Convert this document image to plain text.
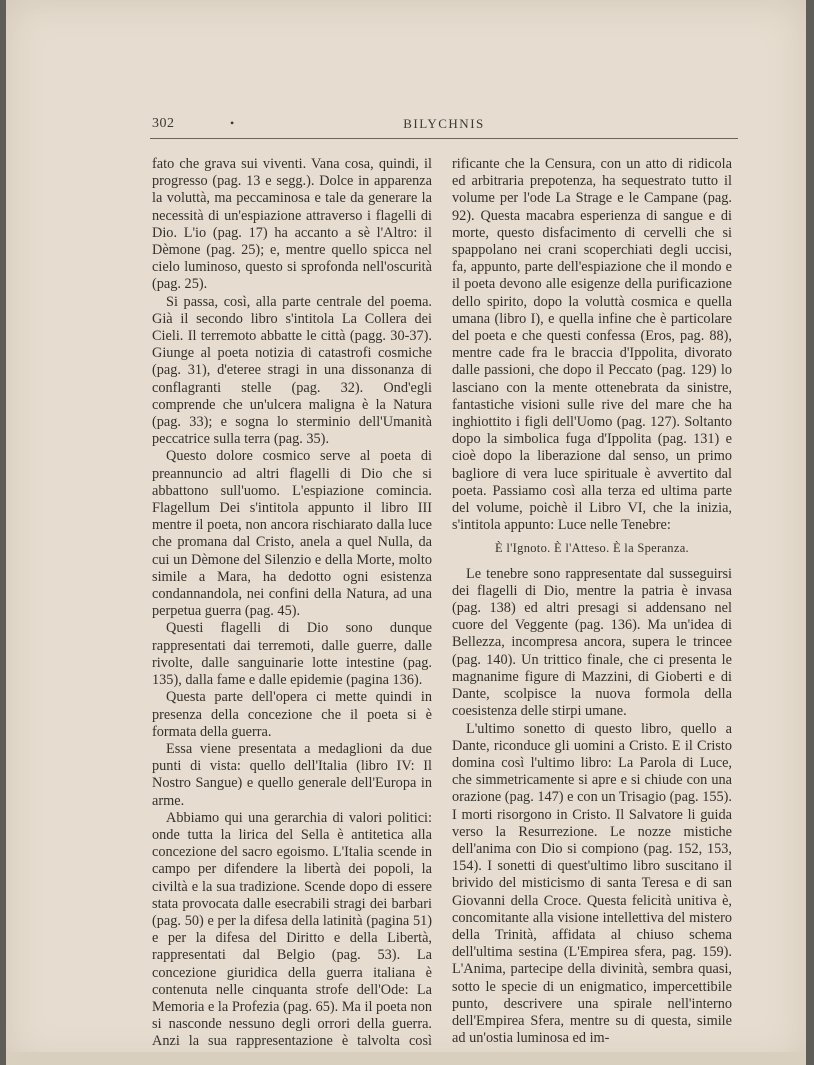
302	•	BILYCHNIS

fato che grava sui viventi. Vana cosa, quindi, il progresso (pag. 13 e segg.). Dolce in apparenza la voluttà, ma peccaminosa e tale da generare la necessità di un'espiazione attraverso i flagelli di Dio. L'io (pag. 17) ha accanto a sè l'Altro: il Dèmone (pag. 25); e, mentre quello spicca nel cielo luminoso, questo si sprofonda nell'oscurità (pag. 25).

Si passa, così, alla parte centrale del poema. Già il secondo libro s'intitola La Collera dei Cieli. Il terremoto abbatte le città (pagg. 30-37). Giunge al poeta notizia di catastrofi cosmiche (pag. 31), d'eteree stragi in una dissonanza di conflagranti stelle (pag. 32). Ond'egli comprende che un'ulcera maligna è la Natura (pag. 33); e sogna lo sterminio dell'Umanità peccatrice sulla terra (pag. 35).

Questo dolore cosmico serve al poeta di preannuncio ad altri flagelli di Dio che si abbattono sull'uomo. L'espiazione comincia. Flagellum Dei s'intitola appunto il libro III mentre il poeta, non ancora rischiarato dalla luce che promana dal Cristo, anela a quel Nulla, da cui un Dèmone del Silenzio e della Morte, molto simile a Mara, ha dedotto ogni esistenza condannandola, nei confini della Natura, ad una perpetua guerra (pag. 45).

Questi flagelli di Dio sono dunque rappresentati dai terremoti, dalle guerre, dalle rivolte, dalle sanguinarie lotte intestine (pag. 135), dalla fame e dalle epidemie (pagina 136).

Questa parte dell'opera ci mette quindi in presenza della concezione che il poeta si è formata della guerra.

Essa viene presentata a medaglioni da due punti di vista: quello dell'Italia (libro IV: Il Nostro Sangue) e quello generale dell'Europa in arme.

Abbiamo qui una gerarchia di valori politici: onde tutta la lirica del Sella è antitetica alla concezione del sacro egoismo. L'Italia scende in campo per difendere la libertà dei popoli, la civiltà e la sua tradizione. Scende dopo di essere stata provocata dalle esecrabili stragi dei barbari (pag. 50) e per la difesa della latinità (pagina 51) e per la difesa del Diritto e della Libertà, rappresentati dal Belgio (pag. 53). La concezione giuridica della guerra italiana è contenuta nelle cinquanta strofe dell'Ode: La Memoria e la Profezia (pag. 65). Ma il poeta non si nasconde nessuno degli orrori della guerra. Anzi la sua rappresentazione è talvolta così

rificante che la Censura, con un atto di ridicola ed arbitraria prepotenza, ha sequestrato tutto il volume per l'ode La Strage e le Campane (pag. 92). Questa macabra esperienza di sangue e di morte, questo disfacimento di cervelli che si spappolano nei crani scoperchiati degli uccisi, fa, appunto, parte dell'espiazione che il mondo e il poeta devono alle esigenze della purificazione dello spirito, dopo la voluttà cosmica e quella umana (libro I), e quella infine che è particolare del poeta e che questi confessa (Eros, pag. 88), mentre cade fra le braccia d'Ippolita, divorato dalle passioni, che dopo il Peccato (pag. 129) lo lasciano con la mente ottenebrata da sinistre, fantastiche visioni sulle rive del mare che ha inghiottito i figli dell'Uomo (pag. 127). Soltanto dopo la simbolica fuga d'Ippolita (pag. 131) e cioè dopo la liberazione dal senso, un primo bagliore di vera luce spirituale è avvertito dal poeta. Passiamo così alla terza ed ultima parte del volume, poichè il Libro VI, che la inizia, s'intitola appunto: Luce nelle Tenebre:

È l'Ignoto. È l'Atteso. È la Speranza.

Le tenebre sono rappresentate dal susseguirsi dei flagelli di Dio, mentre la patria è invasa (pag. 138) ed altri presagi si addensano nel cuore del Veggente (pag. 136). Ma un'idea di Bellezza, incompresa ancora, supera le trincee (pag. 140). Un trittico finale, che ci presenta le magnanime figure di Mazzini, di Gioberti e di Dante, scolpisce la nuova formola della coesistenza delle stirpi umane.

L'ultimo sonetto di questo libro, quello a Dante, riconduce gli uomini a Cristo. E il Cristo domina così l'ultimo libro: La Parola di Luce, che simmetricamente si apre e si chiude con una orazione (pag. 147) e con un Trisagio (pag. 155). I morti risorgono in Cristo. Il Salvatore li guida verso la Resurrezione. Le nozze mistiche dell'anima con Dio si compiono (pag. 152, 153, 154). I sonetti di quest'ultimo libro suscitano il brivido del misticismo di santa Teresa e di san Giovanni della Croce. Questa felicità unitiva è, concomitante alla visione intellettiva del mistero della Trinità, affidata al chiuso schema dell'ultima sestina (L'Empirea sfera, pag. 159). L'Anima, partecipe della divinità, sembra quasi, sotto le specie di un enigmatico, impercettibile punto, descrivere una spirale nell'interno dell'Empirea Sfera, mentre su di questa, simile ad un'ostia luminosa ed im-
